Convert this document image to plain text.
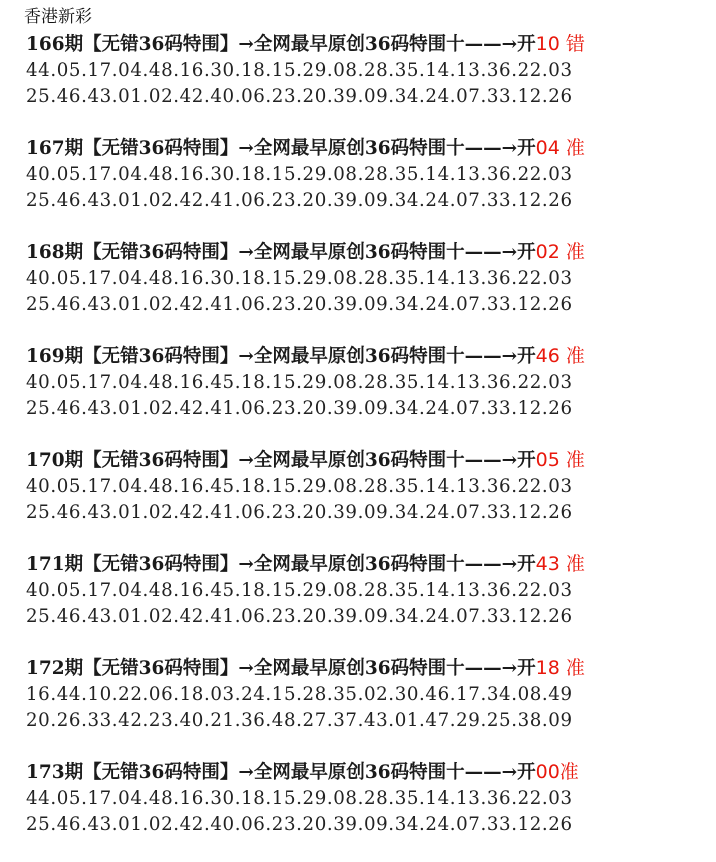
香港新彩
166期【无错36码特围】→全网最早原创36码特围十——→开10 错
44.05.17.04.48.16.30.18.15.29.08.28.35.14.13.36.22.03
25.46.43.01.02.42.40.06.23.20.39.09.34.24.07.33.12.26
167期【无错36码特围】→全网最早原创36码特围十——→开04 准
40.05.17.04.48.16.30.18.15.29.08.28.35.14.13.36.22.03
25.46.43.01.02.42.41.06.23.20.39.09.34.24.07.33.12.26
168期【无错36码特围】→全网最早原创36码特围十——→开02 准
40.05.17.04.48.16.30.18.15.29.08.28.35.14.13.36.22.03
25.46.43.01.02.42.41.06.23.20.39.09.34.24.07.33.12.26
169期【无错36码特围】→全网最早原创36码特围十——→开46 准
40.05.17.04.48.16.45.18.15.29.08.28.35.14.13.36.22.03
25.46.43.01.02.42.41.06.23.20.39.09.34.24.07.33.12.26
170期【无错36码特围】→全网最早原创36码特围十——→开05 准
40.05.17.04.48.16.45.18.15.29.08.28.35.14.13.36.22.03
25.46.43.01.02.42.41.06.23.20.39.09.34.24.07.33.12.26
171期【无错36码特围】→全网最早原创36码特围十——→开43 准
40.05.17.04.48.16.45.18.15.29.08.28.35.14.13.36.22.03
25.46.43.01.02.42.41.06.23.20.39.09.34.24.07.33.12.26
172期【无错36码特围】→全网最早原创36码特围十——→开18 准
16.44.10.22.06.18.03.24.15.28.35.02.30.46.17.34.08.49
20.26.33.42.23.40.21.36.48.27.37.43.01.47.29.25.38.09
173期【无错36码特围】→全网最早原创36码特围十——→开00准
44.05.17.04.48.16.30.18.15.29.08.28.35.14.13.36.22.03
25.46.43.01.02.42.40.06.23.20.39.09.34.24.07.33.12.26
